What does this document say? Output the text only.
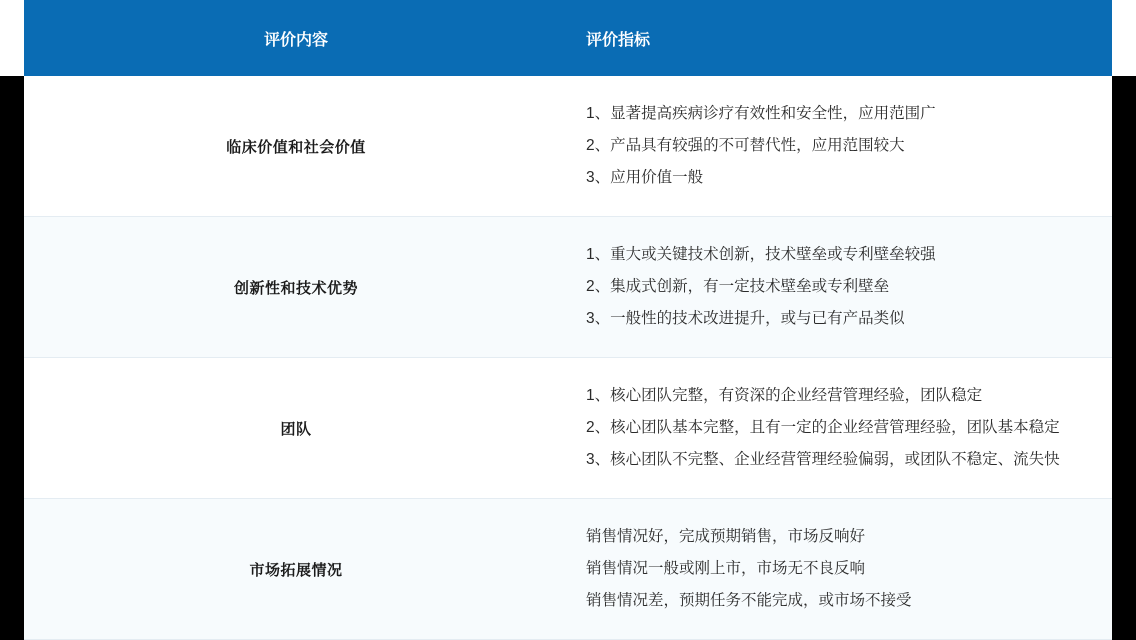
评价内容	评价指标

临床价值和社会价值	1、显著提高疾病诊疗有效性和安全性，应用范围广
2、产品具有较强的不可替代性，应用范围较大
3、应用价值一般

创新性和技术优势	1、重大或关键技术创新，技术壁垒或专利壁垒较强
2、集成式创新，有一定技术壁垒或专利壁垒
3、一般性的技术改进提升，或与已有产品类似

团队	1、核心团队完整，有资深的企业经营管理经验，团队稳定
2、核心团队基本完整，且有一定的企业经营管理经验，团队基本稳定
3、核心团队不完整、企业经营管理经验偏弱，或团队不稳定、流失快

市场拓展情况	销售情况好，完成预期销售，市场反响好
销售情况一般或刚上市，市场无不良反响
销售情况差，预期任务不能完成，或市场不接受
